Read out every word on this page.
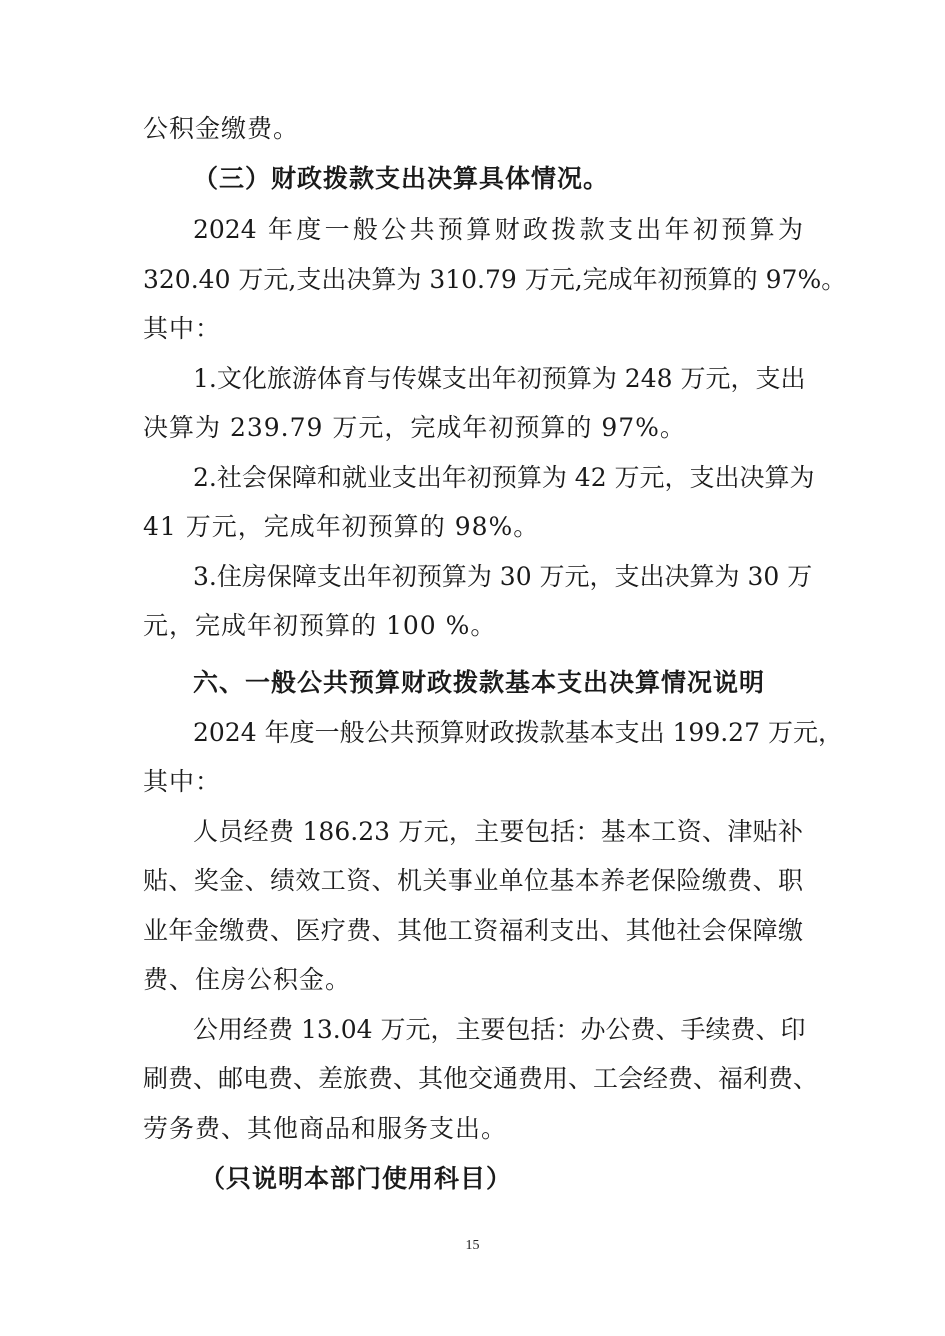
公积金缴费。
（三）财政拨款支出决算具体情况。
2024 年度一般公共预算财政拨款支出年初预算为
320.40 万元,支出决算为 310.79 万元,完成年初预算的 97%。
其中：
1.文化旅游体育与传媒支出年初预算为 248 万元，支出
决算为 239.79 万元，完成年初预算的 97%。
2.社会保障和就业支出年初预算为 42 万元，支出决算为
41 万元，完成年初预算的 98%。
3.住房保障支出年初预算为 30 万元，支出决算为 30 万
元，完成年初预算的 100 %。
六、一般公共预算财政拨款基本支出决算情况说明
2024 年度一般公共预算财政拨款基本支出 199.27 万元，
其中：
人员经费 186.23 万元，主要包括：基本工资、津贴补
贴、奖金、绩效工资、机关事业单位基本养老保险缴费、职
业年金缴费、医疗费、其他工资福利支出、其他社会保障缴
费、住房公积金。
公用经费 13.04 万元，主要包括：办公费、手续费、印
刷费、邮电费、差旅费、其他交通费用、工会经费、福利费、
劳务费、其他商品和服务支出。
（只说明本部门使用科目）
15
